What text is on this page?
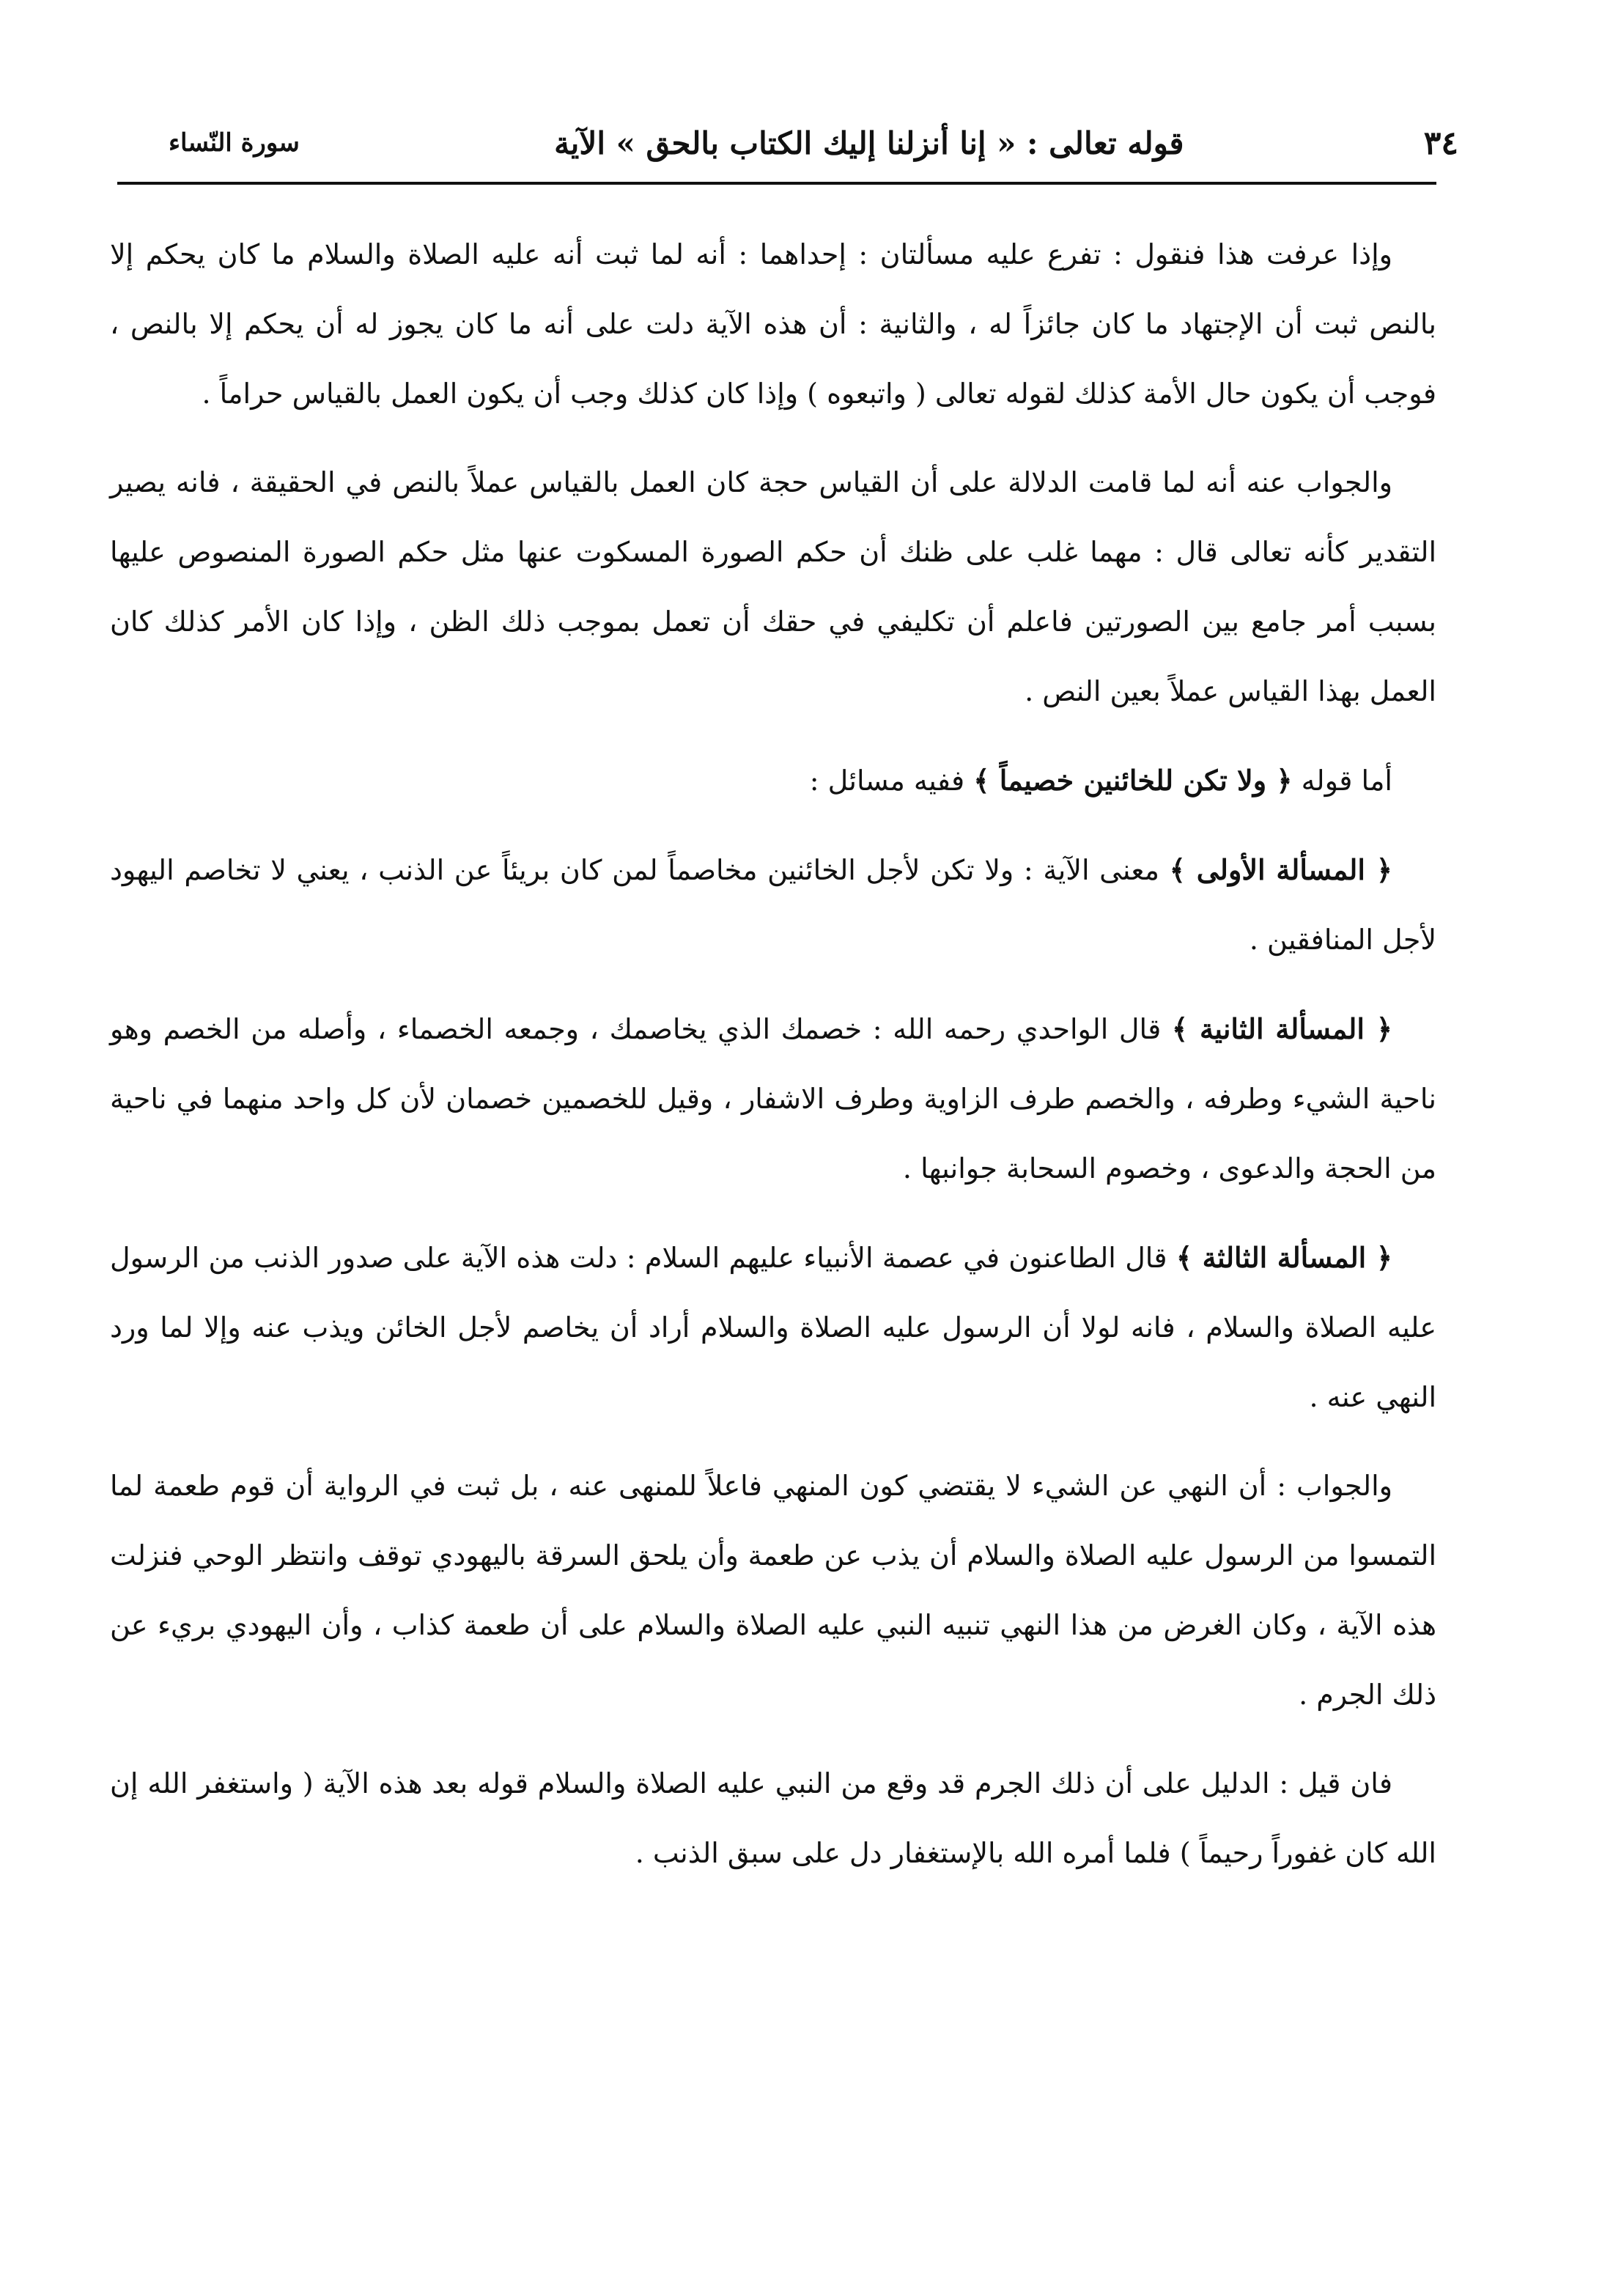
٣٤
قوله تعالى : « إنا أنزلنا إليك الكتاب بالحق » الآية
سورة النّساء

وإذا عرفت هذا فنقول : تفرع عليه مسألتان : إحداهما : أنه لما ثبت أنه عليه الصلاة والسلام ما كان يحكم إلا بالنص ثبت أن الإجتهاد ما كان جائزاً له ، والثانية : أن هذه الآية دلت على أنه ما كان يجوز له أن يحكم إلا بالنص ، فوجب أن يكون حال الأمة كذلك لقوله تعالى ( واتبعوه ) وإذا كان كذلك وجب أن يكون العمل بالقياس حراماً .

والجواب عنه أنه لما قامت الدلالة على أن القياس حجة كان العمل بالقياس عملاً بالنص في الحقيقة ، فانه يصير التقدير كأنه تعالى قال : مهما غلب على ظنك أن حكم الصورة المسكوت عنها مثل حكم الصورة المنصوص عليها بسبب أمر جامع بين الصورتين فاعلم أن تكليفي في حقك أن تعمل بموجب ذلك الظن ، وإذا كان الأمر كذلك كان العمل بهذا القياس عملاً بعين النص .

أما قوله ﴿ ولا تكن للخائنين خصيماً ﴾ ففيه مسائل :

﴿ المسألة الأولى ﴾ معنى الآية : ولا تكن لأجل الخائنين مخاصماً لمن كان بريئاً عن الذنب ، يعني لا تخاصم اليهود لأجل المنافقين .

﴿ المسألة الثانية ﴾ قال الواحدي رحمه الله : خصمك الذي يخاصمك ، وجمعه الخصماء ، وأصله من الخصم وهو ناحية الشيء وطرفه ، والخصم طرف الزاوية وطرف الاشفار ، وقيل للخصمين خصمان لأن كل واحد منهما في ناحية من الحجة والدعوى ، وخصوم السحابة جوانبها .

﴿ المسألة الثالثة ﴾ قال الطاعنون في عصمة الأنبياء عليهم السلام : دلت هذه الآية على صدور الذنب من الرسول عليه الصلاة والسلام ، فانه لولا أن الرسول عليه الصلاة والسلام أراد أن يخاصم لأجل الخائن ويذب عنه وإلا لما ورد النهي عنه .

والجواب : أن النهي عن الشيء لا يقتضي كون المنهي فاعلاً للمنهى عنه ، بل ثبت في الرواية أن قوم طعمة لما التمسوا من الرسول عليه الصلاة والسلام أن يذب عن طعمة وأن يلحق السرقة باليهودي توقف وانتظر الوحي فنزلت هذه الآية ، وكان الغرض من هذا النهي تنبيه النبي عليه الصلاة والسلام على أن طعمة كذاب ، وأن اليهودي بريء عن ذلك الجرم .

فان قيل : الدليل على أن ذلك الجرم قد وقع من النبي عليه الصلاة والسلام قوله بعد هذه الآية ( واستغفر الله إن الله كان غفوراً رحيماً ) فلما أمره الله بالإستغفار دل على سبق الذنب .
